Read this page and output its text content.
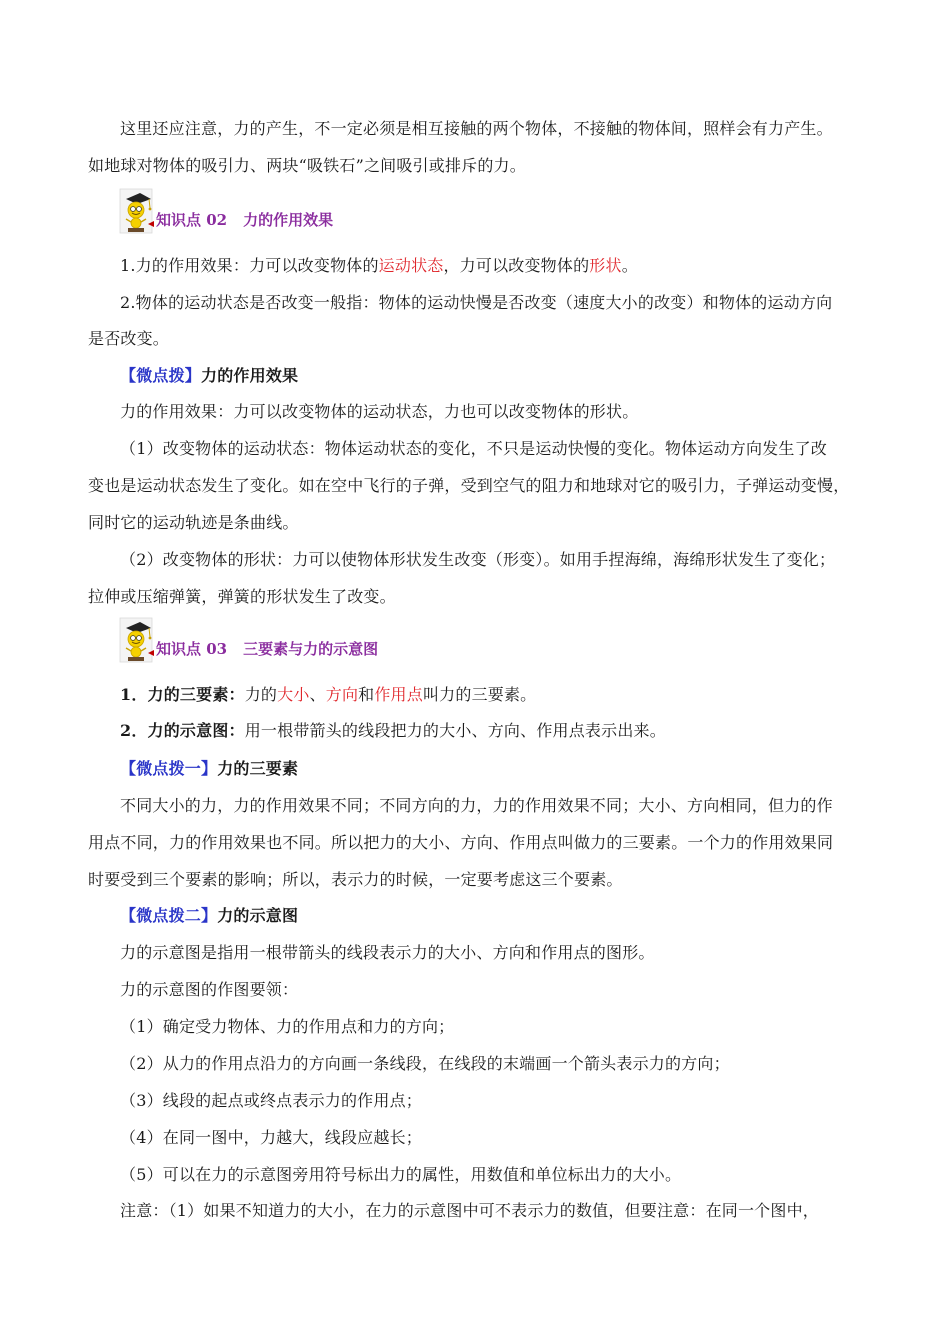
这里还应注意，力的产生，不一定必须是相互接触的两个物体，不接触的物体间，照样会有力产生。
如地球对物体的吸引力、两块“吸铁石”之间吸引或排斥的力。
知识点 02 力的作用效果
1.力的作用效果：力可以改变物体的运动状态，力可以改变物体的形状。
2.物体的运动状态是否改变一般指：物体的运动快慢是否改变（速度大小的改变）和物体的运动方向
是否改变。
【微点拨】力的作用效果
力的作用效果：力可以改变物体的运动状态，力也可以改变物体的形状。
（1）改变物体的运动状态：物体运动状态的变化，不只是运动快慢的变化。物体运动方向发生了改
变也是运动状态发生了变化。如在空中飞行的子弹，受到空气的阻力和地球对它的吸引力，子弹运动变慢，
同时它的运动轨迹是条曲线。
（2）改变物体的形状：力可以使物体形状发生改变（形变）。如用手捏海绵，海绵形状发生了变化；
拉伸或压缩弹簧，弹簧的形状发生了改变。
知识点 03 三要素与力的示意图
1．力的三要素：力的大小、方向和作用点叫力的三要素。
2．力的示意图：用一根带箭头的线段把力的大小、方向、作用点表示出来。
【微点拨一】力的三要素
不同大小的力，力的作用效果不同；不同方向的力，力的作用效果不同；大小、方向相同，但力的作
用点不同，力的作用效果也不同。所以把力的大小、方向、作用点叫做力的三要素。一个力的作用效果同
时要受到三个要素的影响；所以，表示力的时候，一定要考虑这三个要素。
【微点拨二】力的示意图
力的示意图是指用一根带箭头的线段表示力的大小、方向和作用点的图形。
力的示意图的作图要领：
（1）确定受力物体、力的作用点和力的方向；
（2）从力的作用点沿力的方向画一条线段，在线段的末端画一个箭头表示力的方向；
（3）线段的起点或终点表示力的作用点；
（4）在同一图中，力越大，线段应越长；
（5）可以在力的示意图旁用符号标出力的属性，用数值和单位标出力的大小。
注意：（1）如果不知道力的大小，在力的示意图中可不表示力的数值，但要注意：在同一个图中，
